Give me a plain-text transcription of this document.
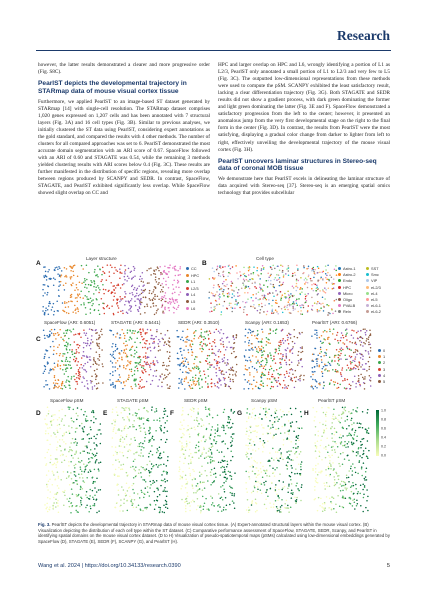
Research

however, the latter results demonstrated a clearer and more progressive order (Fig. S8C).

PearlST depicts the developmental trajectory in STARmap data of mouse visual cortex tissue

Furthermore, we applied PearlST to an image-based ST dataset generated by STARmap [14] with single-cell resolution. The STARmap dataset comprises 1,020 genes expressed on 1,207 cells and has been annotated with 7 structural layers (Fig. 3A) and 16 cell types (Fig. 3B). Similar to previous analyses, we initially clustered the ST data using PearlST, considering expert annotations as the gold standard, and compared the results with 4 other methods. The number of clusters for all compared approaches was set to 6. PearlST demonstrated the most accurate domain segmentation with an ARI score of 0.67. SpaceFlow followed with an ARI of 0.60 and STAGATE was 0.54, while the remaining 3 methods yielded clustering results with ARI scores below 0.4 (Fig. 3C). These results are further manifested in the distribution of specific regions, revealing more overlap between regions produced by SCANPY and SEDR. In contrast, SpaceFlow, STAGATE, and PearlST exhibited significantly less overlap. While SpaceFlow showed slight overlap on CC and

HPC and larger overlap on HPC and L6, wrongly identifying a portion of L1 as L2/3, PearlST only annotated a small portion of L1 to L2/3 and very few to L5 (Fig. 3C). The outputted low-dimensional representations from these methods were used to compute the pSM. SCANPY exhibited the least satisfactory result, lacking a clear differentiation trajectory (Fig. 3G). Both STAGATE and SEDR results did not show a gradient process, with dark green dominating the former and light green dominating the latter (Fig. 3E and F). SpaceFlow demonstrated a satisfactory progression from the left to the center; however, it presented an anomalous jump from the very first developmental stage on the right to the final form in the center (Fig. 3D). In contrast, the results from PearlST were the most satisfying, displaying a gradual color change from darker to lighter from left to right, effectively unveiling the developmental trajectory of the mouse visual cortex (Fig. 3H).

PearlST uncovers laminar structures in Stereo-seq data of coronal MOB tissue

We demonstrate here that PearlST excels in delineating the laminar structure of data acquired with Stereo-seq [37]. Stereo-seq is an emerging spatial omics technology that provides subcellular

A
Layer structure
CC
HPC
L1
L2/3
L4
L5
L6
B
Cell type
Astro-1
Astro-2
Endo
HPC
Micro
Oligo
PVALB
Reln
SST
Smc
VIP
eL2/3
eL4
eL5
eL6-1
eL6-2
C
SpaceFlow (ARI: 0.6051)	STAGATE (ARI: 0.5441)	SEDR (ARI: 0.3510)	Scanpy (ARI: 0.1653)	PearlST (ARI: 0.6766)
0
1
2
3
4
5
D
SpaceFlow pSM
E
STAGATE pSM
F
SEDR pSM
G
Scanpy pSM
H
PearlST pSM
1.0
0.8
0.6
0.4
0.2
0.0
Fig. 3. PearlST depicts the developmental trajectory in STARmap data of mouse visual cortex tissue. (A) Expert-annotated structural layers within the mouse visual cortex. (B) Visualization depicting the distribution of each cell type within the ST dataset. (C) Comparative performance assessment of SpaceFlow, STAGATE, SEDR, Scanpy, and PearlST in identifying spatial domains on the mouse visual cortex dataset. (D to H) Visualization of pseudo-spatiotemporal maps (pSMs) calculated using low-dimensional embeddings generated by SpaceFlow (D), STAGATE (E), SEDR (F), SCANPY (G), and PearlST (H).
Wang et al. 2024 | https://doi.org/10.34133/research.0390	5
